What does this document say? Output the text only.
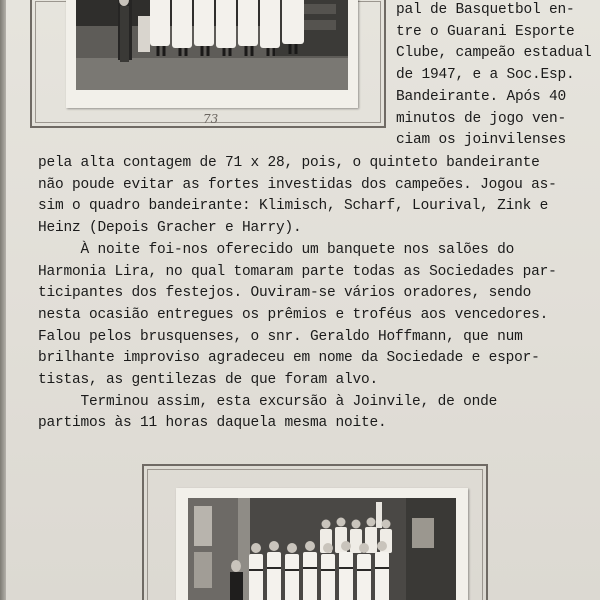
73
pal de Basquetbol en-
tre o Guarani Esporte
Clube, campeão estadual
de 1947, e a Soc.Esp.
Bandeirante. Após 40
minutos de jogo ven-
ciam os joinvilenses
pela alta contagem de 71 x 28, pois, o quinteto bandeirante
não poude evitar as fortes investidas dos campeões. Jogou as-
sim o quadro bandeirante: Klimisch, Scharf, Lourival, Zink e
Heinz (Depois Gracher e Harry).
À noite foi-nos oferecido um banquete nos salões do
Harmonia Lira, no qual tomaram parte todas as Sociedades par-
ticipantes dos festejos. Ouviram-se vários oradores, sendo
nesta ocasião entregues os prêmios e troféus aos vencedores.
Falou pelos brusquenses, o snr. Geraldo Hoffmann, que num
brilhante improviso agradeceu em nome da Sociedade e espor-
tistas, as gentilezas de que foram alvo.
Terminou assim, esta excursão à Joinvile, de onde
partimos às 11 horas daquela mesma noite.
